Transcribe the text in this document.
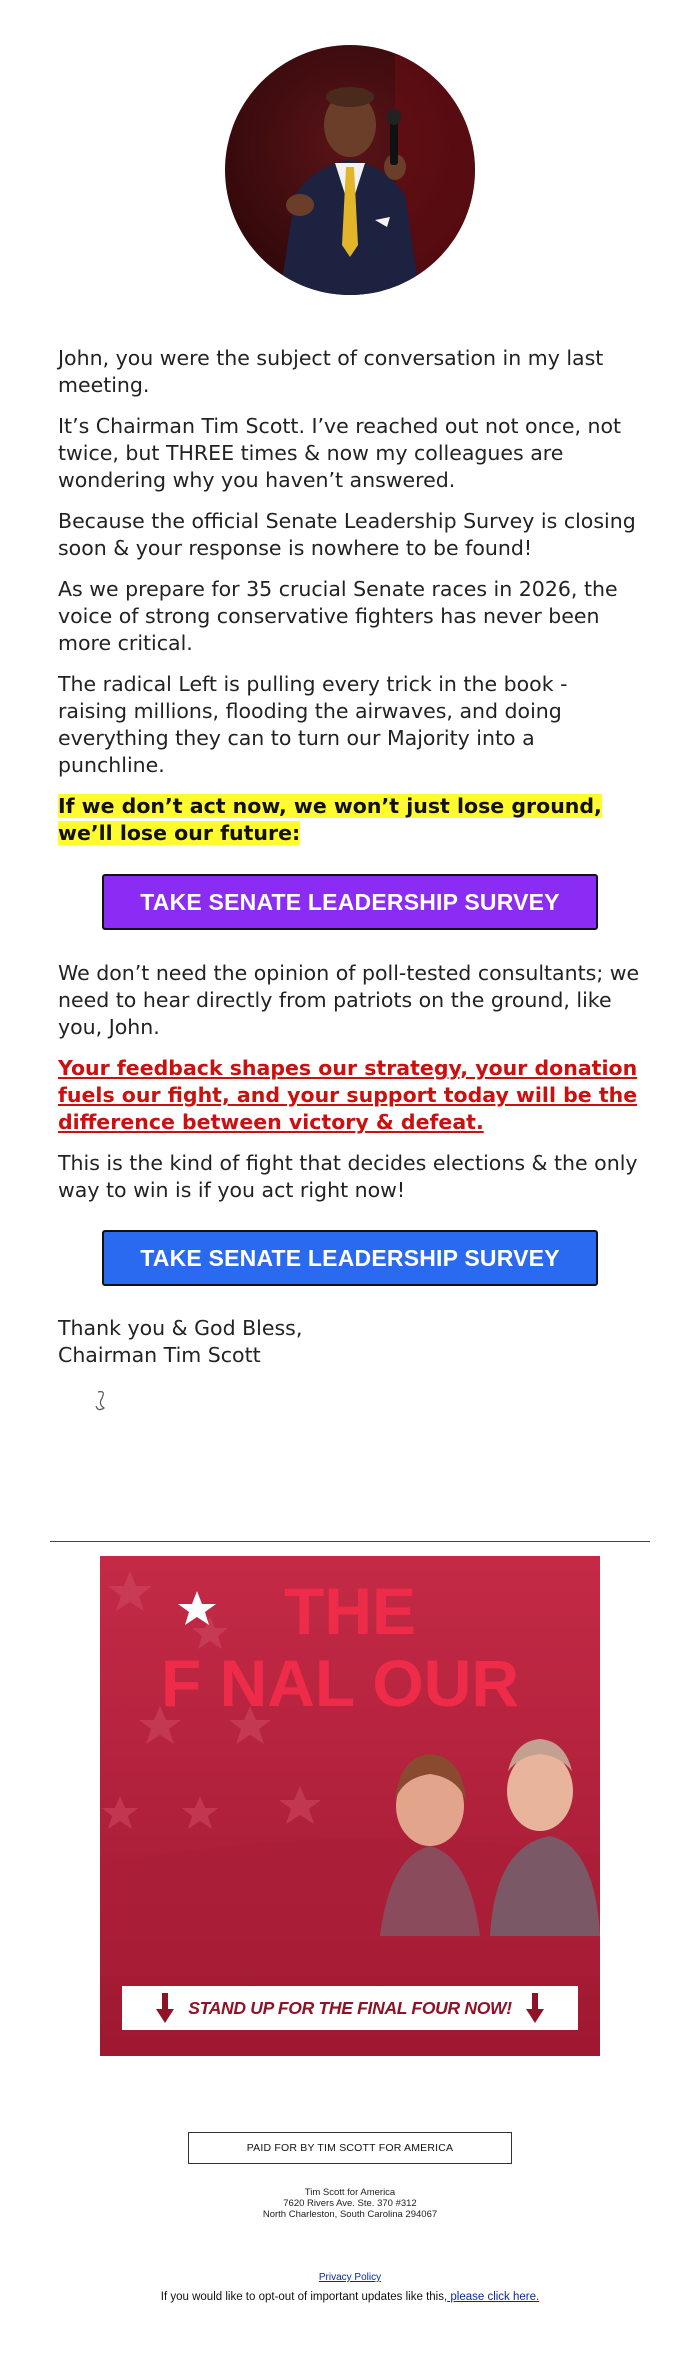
John, you were the subject of conversation in my last meeting.

It’s Chairman Tim Scott. I’ve reached out not once, not twice, but THREE times & now my colleagues are wondering why you haven’t answered.

Because the official Senate Leadership Survey is closing soon & your response is nowhere to be found!

As we prepare for 35 crucial Senate races in 2026, the voice of strong conservative fighters has never been more critical.

The radical Left is pulling every trick in the book - raising millions, flooding the airwaves, and doing everything they can to turn our Majority into a punchline.

If we don’t act now, we won’t just lose ground, we’ll lose our future:

TAKE SENATE LEADERSHIP SURVEY

We don’t need the opinion of poll-tested consultants; we need to hear directly from patriots on the ground, like you, John.

Your feedback shapes our strategy, your donation fuels our fight, and your support today will be the difference between victory & defeat.

This is the kind of fight that decides elections & the only way to win is if you act right now!

TAKE SENATE LEADERSHIP SURVEY

Thank you & God Bless,

Chairman Tim Scott

THE
F NAL OUR
STAND UP FOR THE FINAL FOUR NOW!
PAID FOR BY TIM SCOTT FOR AMERICA
Tim Scott for America
7620 Rivers Ave. Ste. 370 #312
North Charleston, South Carolina 294067
Privacy Policy
If you would like to opt-out of important updates like this, please click here.
